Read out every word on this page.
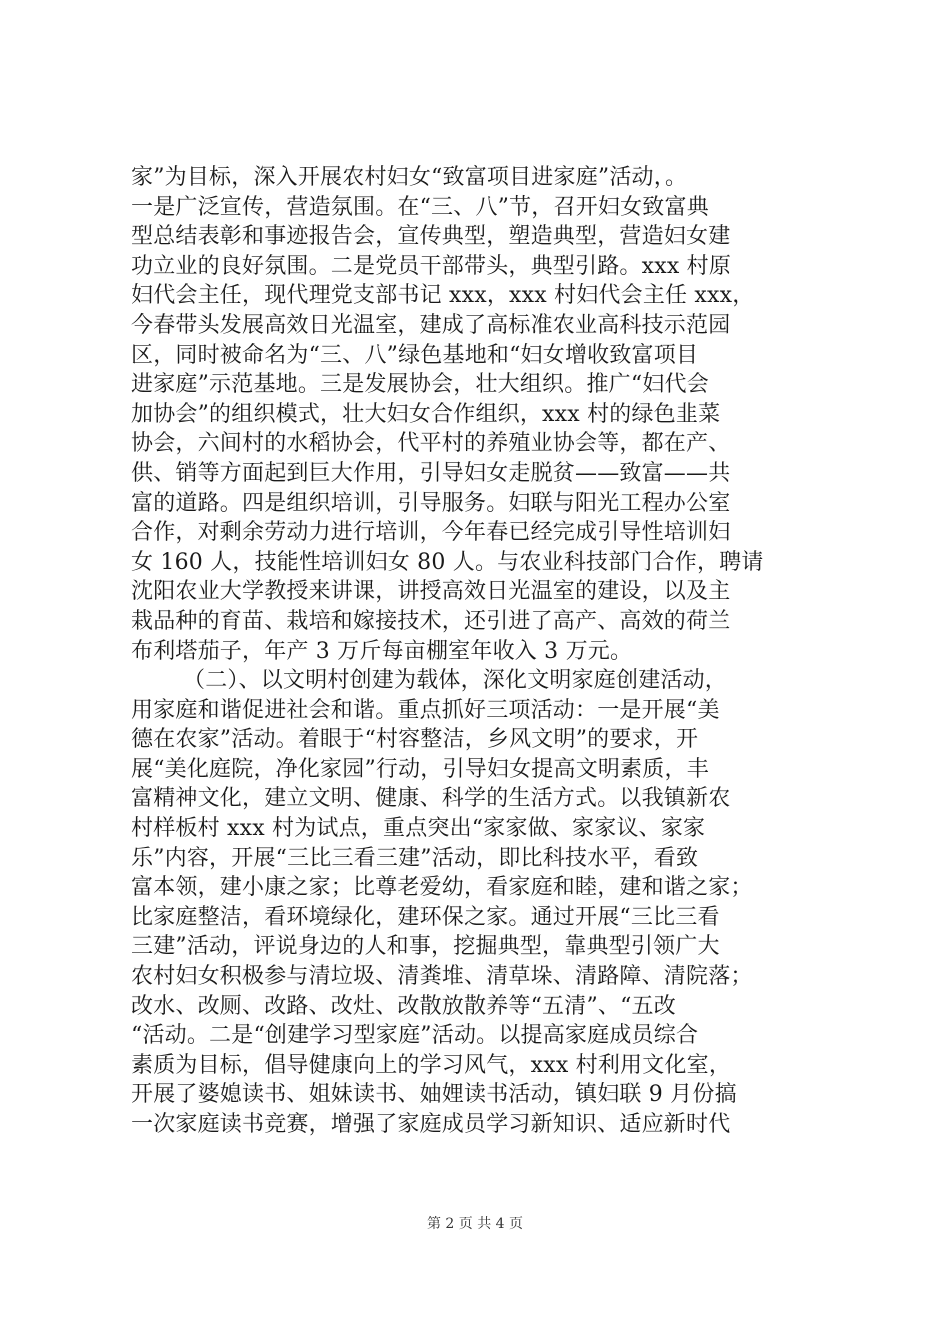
家”为目标，深入开展农村妇女“致富项目进家庭”活动，。
一是广泛宣传，营造氛围。在“三、八”节，召开妇女致富典
型总结表彰和事迹报告会，宣传典型，塑造典型，营造妇女建
功立业的良好氛围。二是党员干部带头，典型引路。xxx 村原
妇代会主任，现代理党支部书记 xxx，xxx 村妇代会主任 xxx，
今春带头发展高效日光温室，建成了高标准农业高科技示范园
区，同时被命名为“三、八”绿色基地和“妇女增收致富项目
进家庭”示范基地。三是发展协会，壮大组织。推广“妇代会
加协会”的组织模式，壮大妇女合作组织，xxx 村的绿色韭菜
协会，六间村的水稻协会，代平村的养殖业协会等，都在产、
供、销等方面起到巨大作用，引导妇女走脱贫——致富——共
富的道路。四是组织培训，引导服务。妇联与阳光工程办公室
合作，对剩余劳动力进行培训，今年春已经完成引导性培训妇
女 160 人，技能性培训妇女 80 人。与农业科技部门合作，聘请
沈阳农业大学教授来讲课，讲授高效日光温室的建设，以及主
栽品种的育苗、栽培和嫁接技术，还引进了高产、高效的荷兰
布利塔茄子，年产 3 万斤每亩棚室年收入 3 万元。
（二）、以文明村创建为载体，深化文明家庭创建活动，
用家庭和谐促进社会和谐。重点抓好三项活动：一是开展“美
德在农家”活动。着眼于“村容整洁，乡风文明”的要求，开
展“美化庭院，净化家园”行动，引导妇女提高文明素质，丰
富精神文化，建立文明、健康、科学的生活方式。以我镇新农
村样板村 xxx 村为试点，重点突出“家家做、家家议、家家
乐”内容，开展“三比三看三建”活动，即比科技水平，看致
富本领，建小康之家；比尊老爱幼，看家庭和睦，建和谐之家；
比家庭整洁，看环境绿化，建环保之家。通过开展“三比三看
三建”活动，评说身边的人和事，挖掘典型，靠典型引领广大
农村妇女积极参与清垃圾、清粪堆、清草垛、清路障、清院落；
改水、改厕、改路、改灶、改散放散养等“五清”、“五改
“活动。二是“创建学习型家庭”活动。以提高家庭成员综合
素质为目标，倡导健康向上的学习风气，xxx 村利用文化室，
开展了婆媳读书、姐妹读书、妯娌读书活动，镇妇联 9 月份搞
一次家庭读书竞赛，增强了家庭成员学习新知识、适应新时代
第 2 页 共 4 页
